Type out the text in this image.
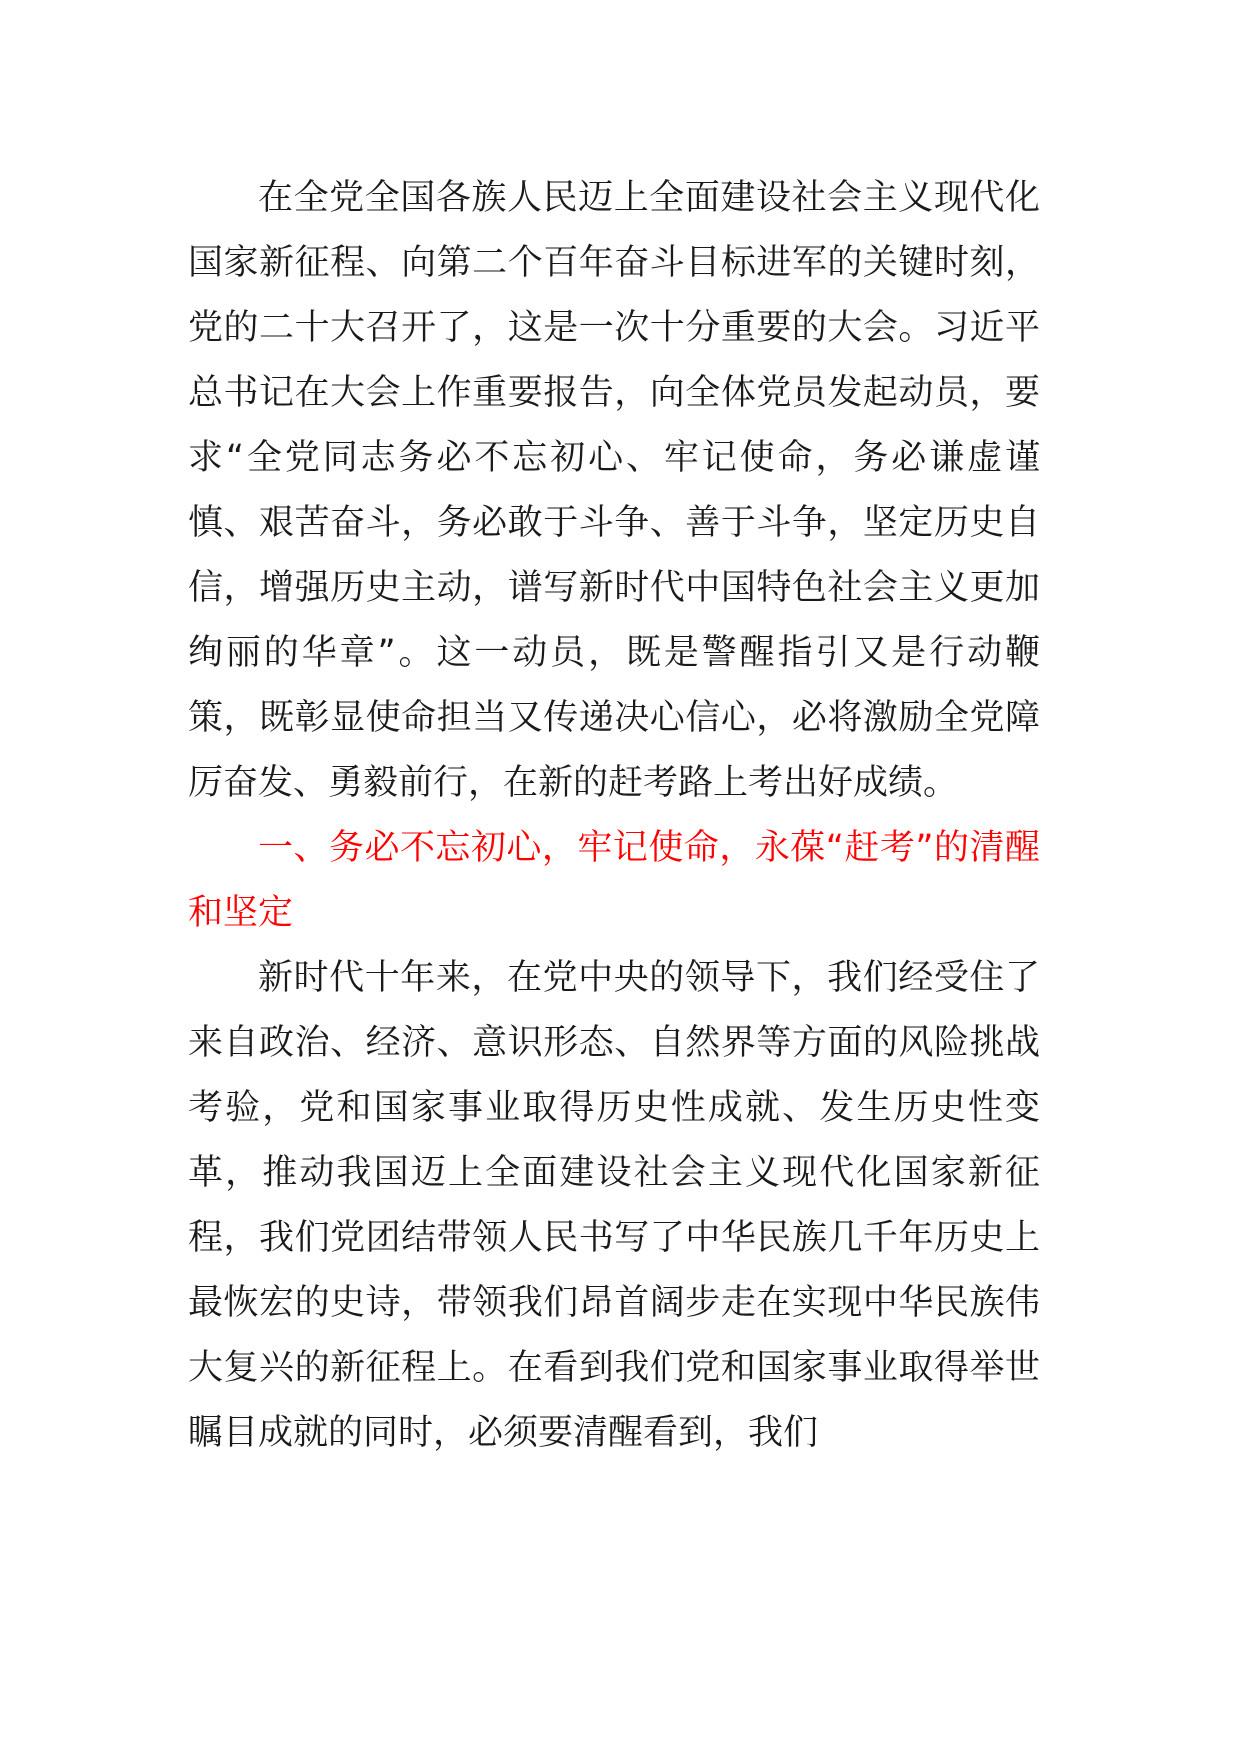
在全党全国各族人民迈上全面建设社会主义现代化国家新征程、向第二个百年奋斗目标进军的关键时刻，党的二十大召开了，这是一次十分重要的大会。习近平总书记在大会上作重要报告，向全体党员发起动员，要求“全党同志务必不忘初心、牢记使命，务必谦虚谨慎、艰苦奋斗，务必敢于斗争、善于斗争，坚定历史自信，增强历史主动，谱写新时代中国特色社会主义更加绚丽的华章”。这一动员，既是警醒指引又是行动鞭策，既彰显使命担当又传递决心信心，必将激励全党障厉奋发、勇毅前行，在新的赶考路上考出好成绩。

一、务必不忘初心，牢记使命，永葆“赶考”的清醒和坚定

新时代十年来，在党中央的领导下，我们经受住了来自政治、经济、意识形态、自然界等方面的风险挑战考验，党和国家事业取得历史性成就、发生历史性变革，推动我国迈上全面建设社会主义现代化国家新征程，我们党团结带领人民书写了中华民族几千年历史上最恢宏的史诗，带领我们昂首阔步走在实现中华民族伟大复兴的新征程上。在看到我们党和国家事业取得举世瞩目成就的同时，必须要清醒看到，我们
